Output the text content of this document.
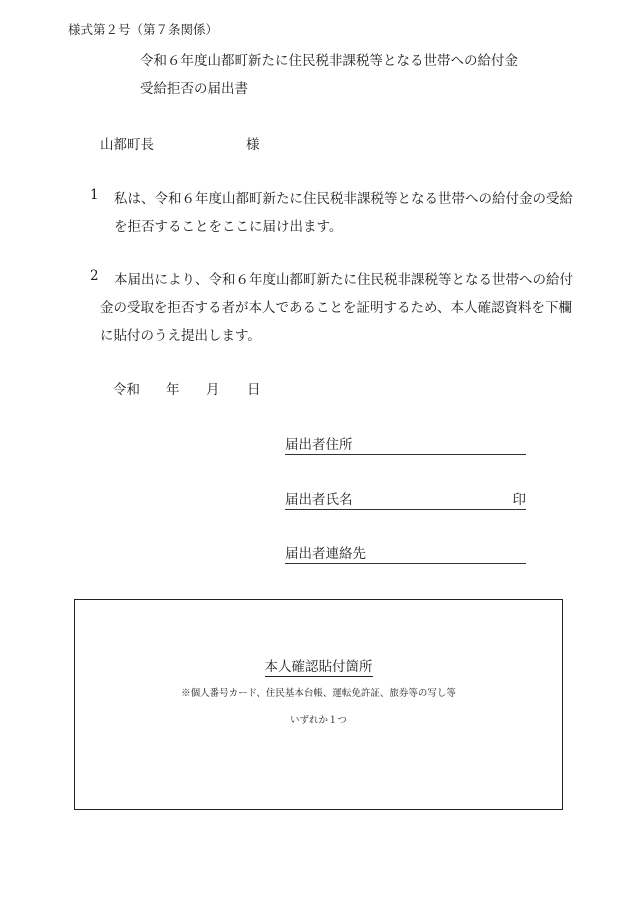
様式第２号（第７条関係）
令和６年度山都町新たに住民税非課税等となる世帯への給付金
受給拒否の届出書
山都町長	様
1 私は、令和６年度山都町新たに住民税非課税等となる世帯への給付金の受給
を拒否することをここに届け出ます。
2 本届出により、令和６年度山都町新たに住民税非課税等となる世帯への給付
金の受取を拒否する者が本人であることを証明するため、本人確認資料を下欄
に貼付のうえ提出します。
令和 年 月 日
届出者住所
届出者氏名	印
届出者連絡先
本人確認貼付箇所
※個人番号カード、住民基本台帳、運転免許証、旅券等の写し等
いずれか１つ
